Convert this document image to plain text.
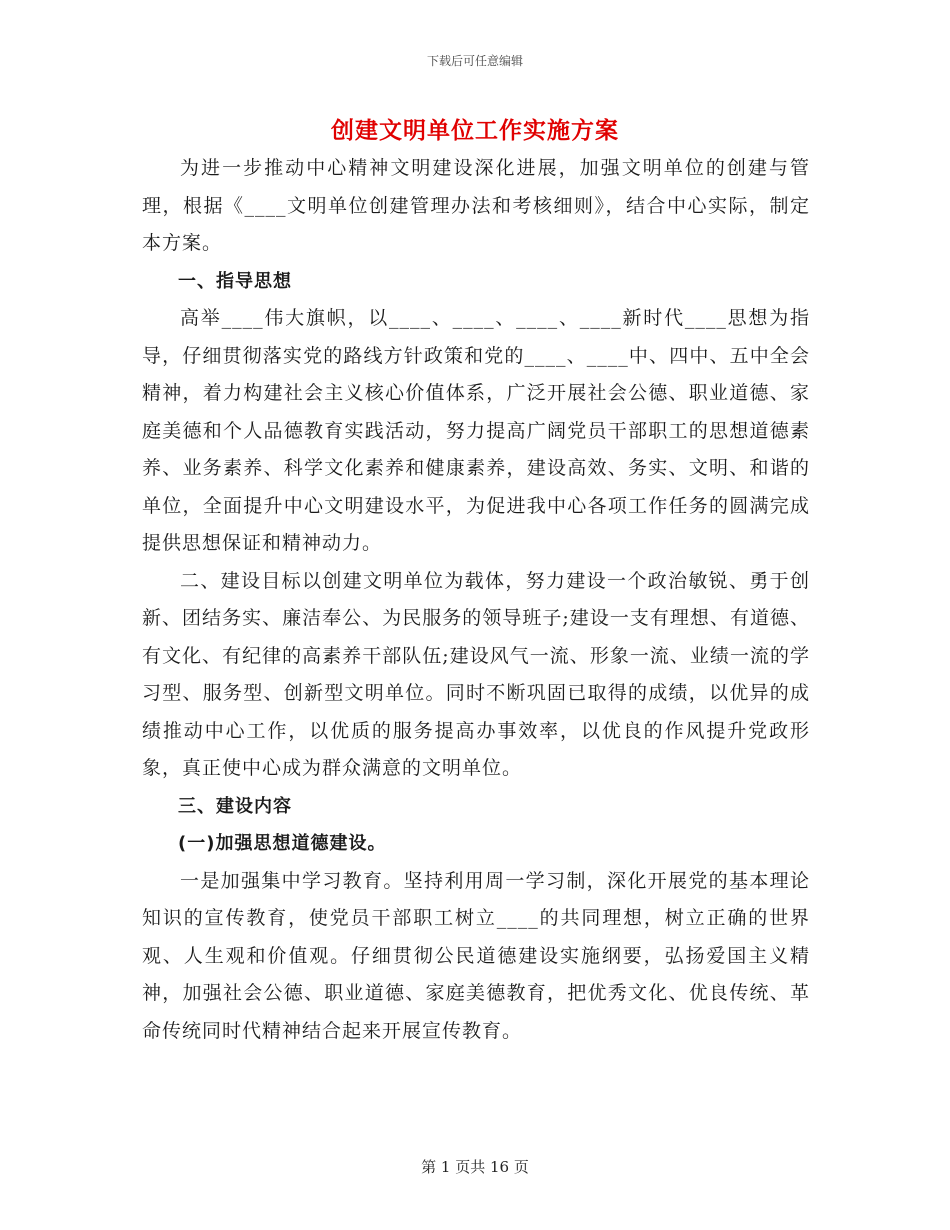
下载后可任意编辑
创建文明单位工作实施方案

为进一步推动中心精神文明建设深化进展，加强文明单位的创建与管理，根据《____文明单位创建管理办法和考核细则》，结合中心实际，制定本方案。

一、指导思想

高举____伟大旗帜，以____、____、____、____新时代____思想为指导，仔细贯彻落实党的路线方针政策和党的____、____中、四中、五中全会精神，着力构建社会主义核心价值体系，广泛开展社会公德、职业道德、家庭美德和个人品德教育实践活动，努力提高广阔党员干部职工的思想道德素养、业务素养、科学文化素养和健康素养，建设高效、务实、文明、和谐的单位，全面提升中心文明建设水平，为促进我中心各项工作任务的圆满完成提供思想保证和精神动力。

二、建设目标以创建文明单位为载体，努力建设一个政治敏锐、勇于创新、团结务实、廉洁奉公、为民服务的领导班子;建设一支有理想、有道德、有文化、有纪律的高素养干部队伍;建设风气一流、形象一流、业绩一流的学习型、服务型、创新型文明单位。同时不断巩固已取得的成绩，以优异的成绩推动中心工作，以优质的服务提高办事效率，以优良的作风提升党政形象，真正使中心成为群众满意的文明单位。

三、建设内容

(一)加强思想道德建设。

一是加强集中学习教育。坚持利用周一学习制，深化开展党的基本理论知识的宣传教育，使党员干部职工树立____的共同理想，树立正确的世界观、人生观和价值观。仔细贯彻公民道德建设实施纲要，弘扬爱国主义精神，加强社会公德、职业道德、家庭美德教育，把优秀文化、优良传统、革命传统同时代精神结合起来开展宣传教育。

第 1 页共 16 页
